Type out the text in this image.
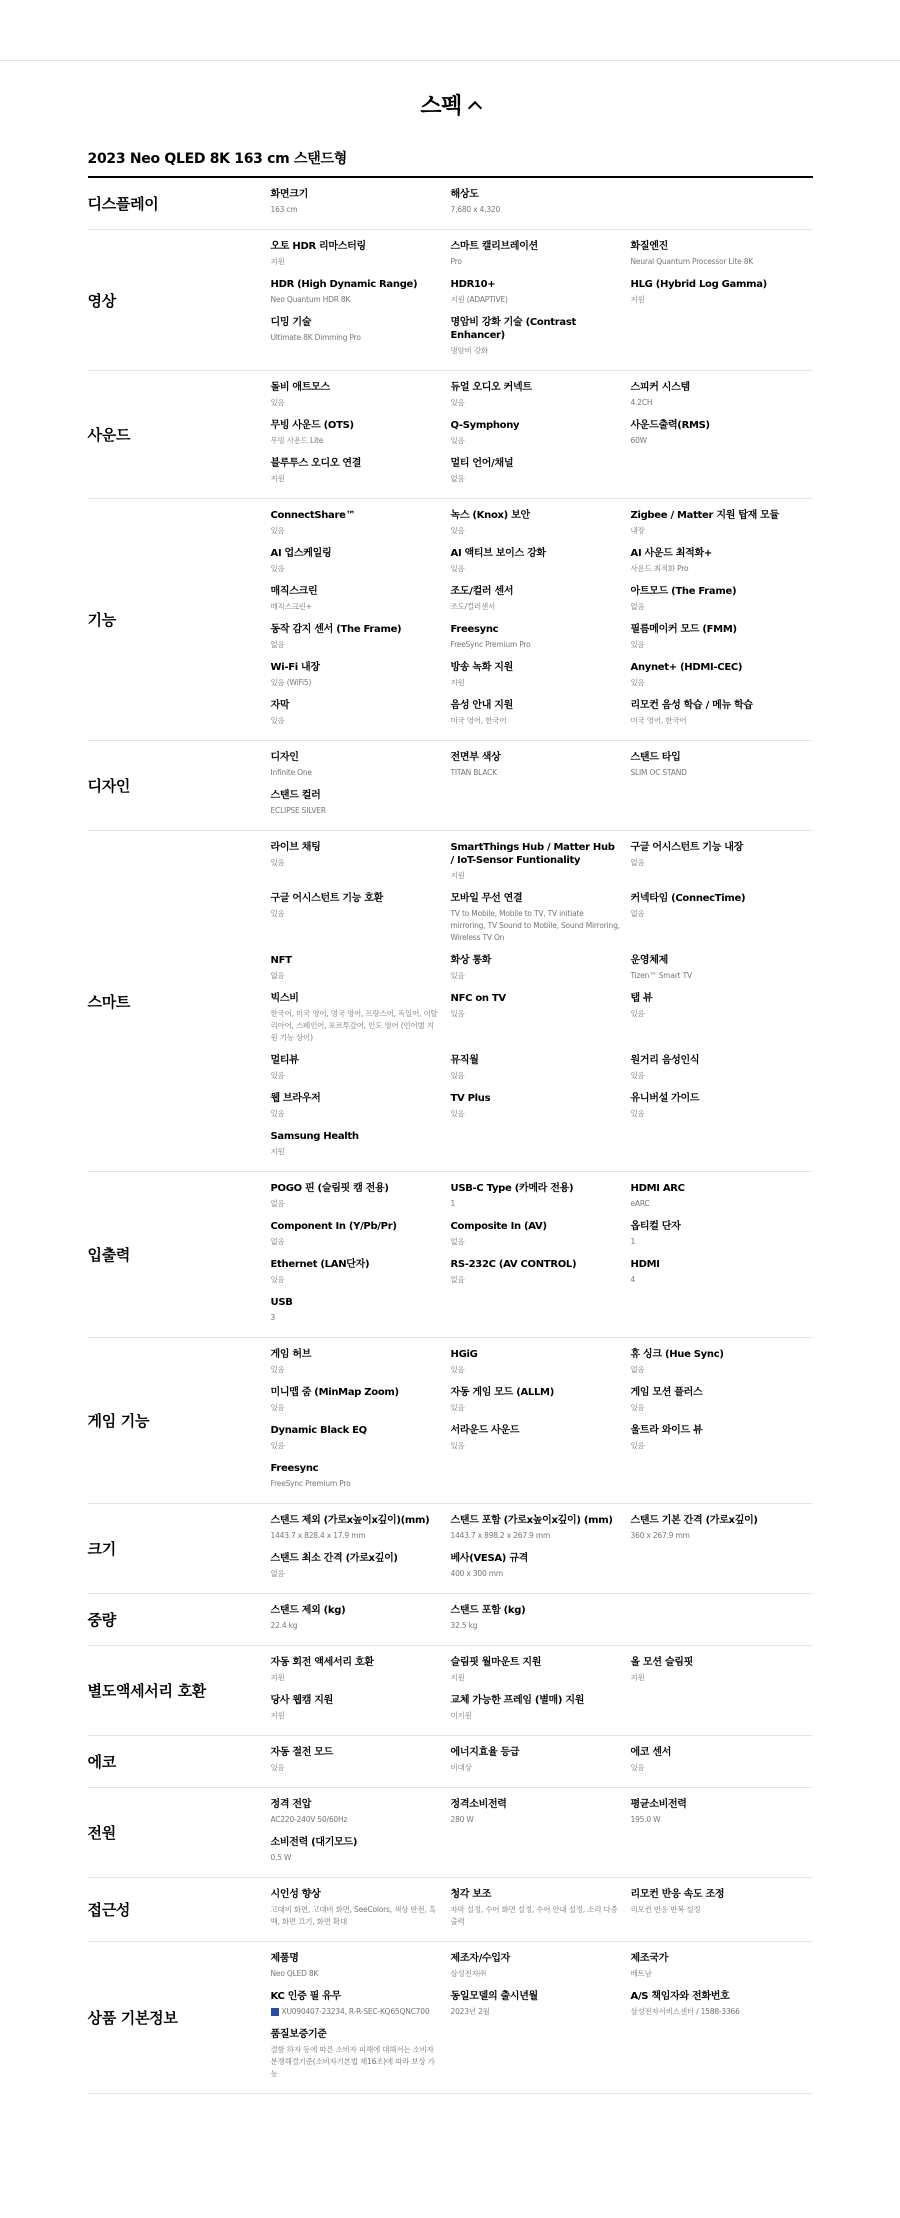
스펙
2023 Neo QLED 8K 163 cm 스탠드형
디스플레이
화면크기
163 cm
해상도
7,680 x 4,320
영상
오토 HDR 리마스터링
지원
스마트 캘리브레이션
Pro
화질엔진
Neural Quantum Processor Lite 8K
HDR (High Dynamic Range)
Neo Quantum HDR 8K
HDR10+
지원 (ADAPTIVE)
HLG (Hybrid Log Gamma)
지원
디밍 기술
Ultimate 8K Dimming Pro
명암비 강화 기술 (Contrast Enhancer)
명암비 강화
사운드
돌비 애트모스
있음
듀얼 오디오 커넥트
있음
스피커 시스템
4.2CH
무빙 사운드 (OTS)
무빙 사운드 Lite
Q-Symphony
있음
사운드출력(RMS)
60W
블루투스 오디오 연결
지원
멀티 언어/채널
없음
기능
ConnectShare™
있음
녹스 (Knox) 보안
있음
Zigbee / Matter 지원 탑재 모듈
내장
AI 업스케일링
있음
AI 액티브 보이스 강화
있음
AI 사운드 최적화+
사운드 최적화 Pro
매직스크린
매직스크린+
조도/컬러 센서
조도/컬러센서
아트모드 (The Frame)
없음
동작 감지 센서 (The Frame)
없음
Freesync
FreeSync Premium Pro
필름메이커 모드 (FMM)
있음
Wi-Fi 내장
있음 (WiFi5)
방송 녹화 지원
지원
Anynet+ (HDMI-CEC)
있음
자막
있음
음성 안내 지원
미국 영어, 한국어
리모컨 음성 학습 / 메뉴 학습
미국 영어, 한국어
디자인
디자인
Infinite One
전면부 색상
TITAN BLACK
스탠드 타입
SLIM OC STAND
스탠드 컬러
ECLIPSE SILVER
스마트
라이브 채팅
있음
SmartThings Hub / Matter Hub / IoT-Sensor Funtionality
지원
구글 어시스턴트 기능 내장
없음
구글 어시스턴트 기능 호환
있음
모바일 무선 연결
TV to Mobile, Mobile to TV, TV initiate mirroring, TV Sound to Mobile, Sound Mirroring, Wireless TV On
커넥타임 (ConnecTime)
없음
NFT
없음
화상 통화
있음
운영체제
Tizen™ Smart TV
빅스비
한국어, 미국 영어, 영국 영어, 프랑스어, 독일어, 이탈리아어, 스페인어, 포르투갈어, 인도 영어 (언어별 지원 기능 상이)
NFC on TV
있음
탭 뷰
있음
멀티뷰
있음
뮤직월
있음
원거리 음성인식
있음
웹 브라우저
있음
TV Plus
있음
유니버설 가이드
있음
Samsung Health
지원
입출력
POGO 핀 (슬림핏 캠 전용)
없음
USB-C Type (카메라 전용)
1
HDMI ARC
eARC
Component In (Y/Pb/Pr)
없음
Composite In (AV)
없음
옵티컬 단자
1
Ethernet (LAN단자)
있음
RS-232C (AV CONTROL)
없음
HDMI
4
USB
3
게임 기능
게임 허브
있음
HGiG
있음
휴 싱크 (Hue Sync)
없음
미니맵 줌 (MinMap Zoom)
있음
자동 게임 모드 (ALLM)
있음
게임 모션 플러스
있음
Dynamic Black EQ
있음
서라운드 사운드
있음
울트라 와이드 뷰
있음
Freesync
FreeSync Premium Pro
크기
스탠드 제외 (가로x높이x깊이)(mm)
1443.7 x 828.4 x 17.9 mm
스탠드 포함 (가로x높이x깊이) (mm)
1443.7 x 898.2 x 267.9 mm
스탠드 기본 간격 (가로x깊이)
360 x 267.9 mm
스탠드 최소 간격 (가로x깊이)
없음
베사(VESA) 규격
400 x 300 mm
중량
스탠드 제외 (kg)
22.4 kg
스탠드 포함 (kg)
32.5 kg
별도액세서리 호환
자동 회전 액세서리 호환
지원
슬림핏 월마운트 지원
지원
올 모션 슬림핏
지원
당사 웹캠 지원
지원
교체 가능한 프레임 (별매) 지원
미지원
에코
자동 절전 모드
있음
에너지효율 등급
비대상
에코 센서
있음
전원
정격 전압
AC220-240V 50/60Hz
정격소비전력
280 W
평균소비전력
195.0 W
소비전력 (대기모드)
0.5 W
접근성
시인성 향상
고대비 화면, 고대비 화면, SeeColors, 색상 반전, 흑백, 화면 끄기, 화면 확대
청각 보조
자막 설정, 수어 화면 설정, 수어 안내 설정, 소리 다중 출력
리모컨 반응 속도 조정
리모컨 반응 반복 설정
상품 기본정보
제품명
Neo QLED 8K
제조자/수입자
삼성전자㈜
제조국가
베트남
KC 인증 필 유무
XU090407-23234, R-R-SEC-KQ65QNC700
동일모델의 출시년월
2023년 2월
A/S 책임자와 전화번호
삼성전자서비스센터 / 1588-3366
품질보증기준
결함 하자 등에 따른 소비자 피해에 대해서는 소비자분쟁해결기준(소비자기본법 제16조)에 따라 보상 가능
